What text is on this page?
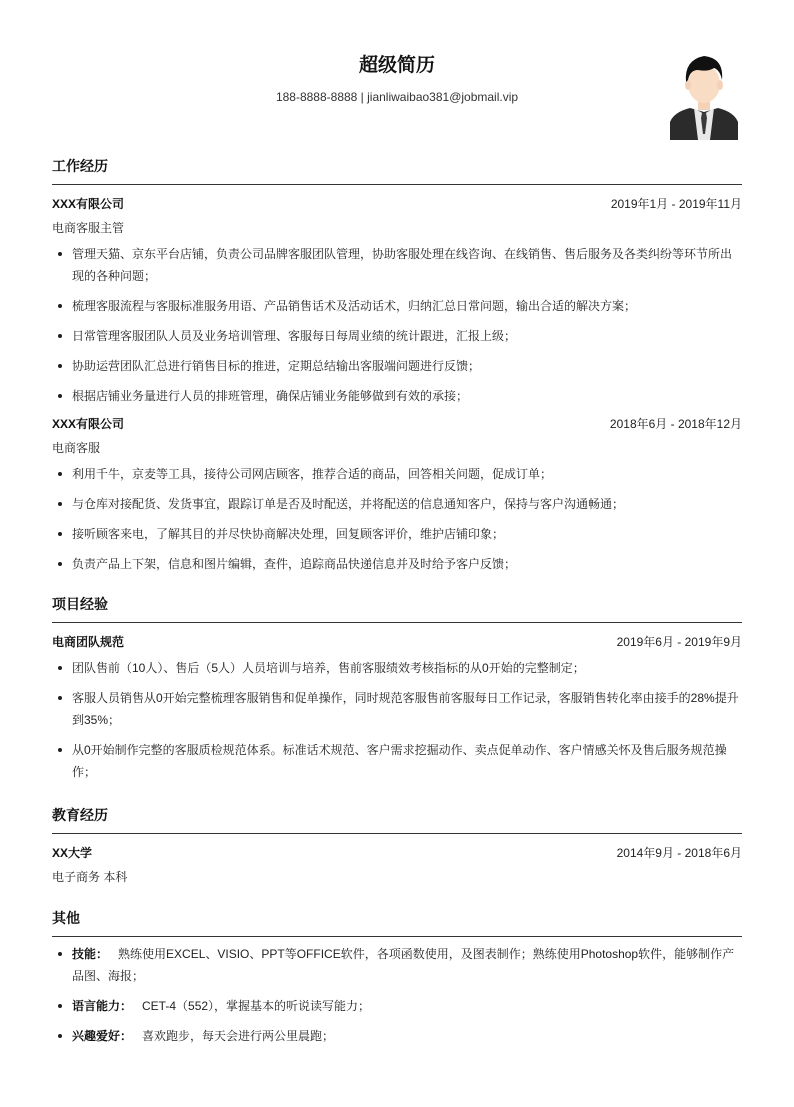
超级简历
188-8888-8888 | jianliwaibao381@jobmail.vip
工作经历
XXX有限公司	2019年1月 - 2019年11月
电商客服主管
管理天猫、京东平台店铺，负责公司品牌客服团队管理，协助客服处理在线咨询、在线销售、售后服务及各类纠纷等环节所出现的各种问题；
梳理客服流程与客服标准服务用语、产品销售话术及活动话术，归纳汇总日常问题，输出合适的解决方案；
日常管理客服团队人员及业务培训管理、客服每日每周业绩的统计跟进，汇报上级；
协助运营团队汇总进行销售目标的推进，定期总结输出客服端问题进行反馈；
根据店铺业务量进行人员的排班管理，确保店铺业务能够做到有效的承接；
XXX有限公司	2018年6月 - 2018年12月
电商客服
利用千牛，京麦等工具，接待公司网店顾客，推荐合适的商品，回答相关问题，促成订单；
与仓库对接配货、发货事宜，跟踪订单是否及时配送，并将配送的信息通知客户，保持与客户沟通畅通；
接听顾客来电，了解其目的并尽快协商解决处理，回复顾客评价，维护店铺印象；
负责产品上下架，信息和图片编辑，查件，追踪商品快递信息并及时给予客户反馈；
项目经验
电商团队规范	2019年6月 - 2019年9月
团队售前（10人）、售后（5人）人员培训与培养，售前客服绩效考核指标的从0开始的完整制定；
客服人员销售从0开始完整梳理客服销售和促单操作，同时规范客服售前客服每日工作记录，客服销售转化率由接手的28%提升到35%；
从0开始制作完整的客服质检规范体系。标准话术规范、客户需求挖掘动作、卖点促单动作、客户情感关怀及售后服务规范操作；
教育经历
XX大学	2014年9月 - 2018年6月
电子商务 本科
其他
技能： 熟练使用EXCEL、VISIO、PPT等OFFICE软件，各项函数使用，及图表制作；熟练使用Photoshop软件，能够制作产品图、海报；
语言能力： CET-4（552），掌握基本的听说读写能力；
兴趣爱好： 喜欢跑步，每天会进行两公里晨跑；
